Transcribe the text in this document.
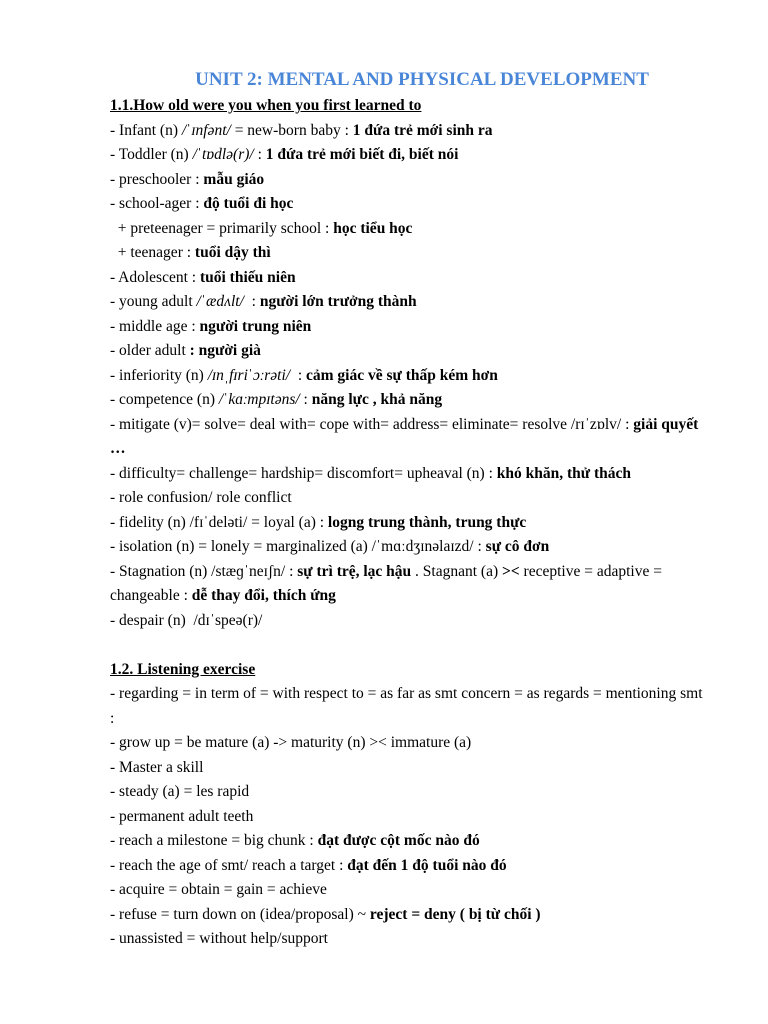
UNIT 2: MENTAL AND PHYSICAL DEVELOPMENT

1.1.How old were you when you first learned to

- Infant (n) /ˈɪnfənt/ = new-born baby : 1 đứa trẻ mới sinh ra

- Toddler (n) /ˈtɒdlə(r)/ : 1 đứa trẻ mới biết đi, biết nói

- preschooler : mẫu giáo

- school-ager : độ tuổi đi học

+ preteenager = primarily school : học tiểu học

+ teenager : tuổi dậy thì

- Adolescent : tuổi thiếu niên

- young adult /ˈædʌlt/  : người lớn trưởng thành

- middle age : người trung niên

- older adult : người già

- inferiority (n) /ɪnˌfɪriˈɔːrəti/  : cảm giác về sự thấp kém hơn

- competence (n) /ˈkɑːmpɪtəns/ : năng lực , khả năng

- mitigate (v)= solve= deal with= cope with= address= eliminate= resolve /rɪˈzɒlv/ : giải quyết …

- difficulty= challenge= hardship= discomfort= upheaval (n) : khó khăn, thử thách

- role confusion/ role conflict

- fidelity (n) /fɪˈdeləti/ = loyal (a) : logng trung thành, trung thực

- isolation (n) = lonely = marginalized (a) /ˈmɑːdʒɪnəlaɪzd/ : sự cô đơn

- Stagnation (n) /stæɡˈneɪʃn/ : sự trì trệ, lạc hậu . Stagnant (a) >< receptive = adaptive = changeable : dễ thay đổi, thích ứng

- despair (n)  /dɪˈspeə(r)/

1.2. Listening exercise

- regarding = in term of = with respect to = as far as smt concern = as regards = mentioning smt :

- grow up = be mature (a) -> maturity (n) >< immature (a)

- Master a skill

- steady (a) = les rapid

- permanent adult teeth

- reach a milestone = big chunk : đạt được cột mốc nào đó

- reach the age of smt/ reach a target : đạt đến 1 độ tuổi nào đó

- acquire = obtain = gain = achieve

- refuse = turn down on (idea/proposal) ~ reject = deny ( bị từ chối )

- unassisted = without help/support
